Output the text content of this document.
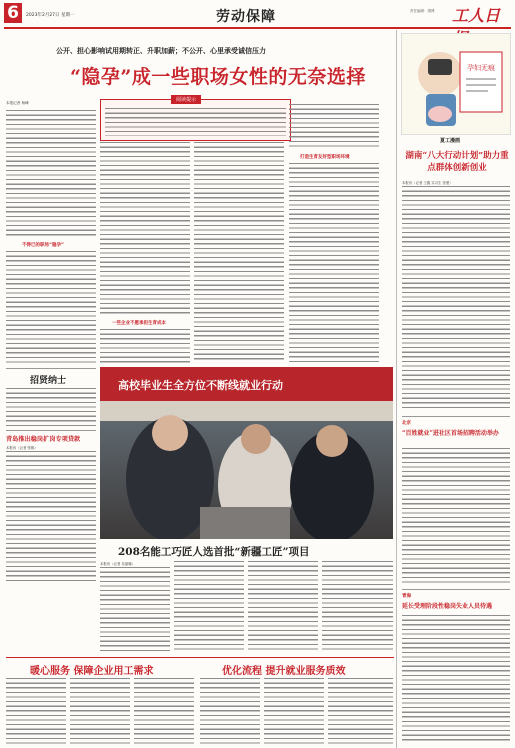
6	2023年2月27日 星期一	劳动保障	责任编辑：胡博 工人日
公开、担心影响试用期转正、升职加薪；不公开、心里承受诚信压力
“隐孕”成一些职场女性的无奈选择
本报记者 杨峰	阅读提示
孕妇无痕
夏工漫画
不得已的职场“隐孕”
一些企业不愿承担生育成本
打造生育友好型职场环境	湖南“八大行动计划”助力重点群体创新创业
本报讯（记者 王鑫 实习生 张蕾）
北京
“百姓就业”进社区首场招聘活动举办
青海
延长受理阶段性稳岗失业人员待遇
招贤纳士
青岛推出稳岗扩岗专项贷款
本报讯（记者 张嫣）
高校毕业生全方位不断线就业行动
208名能工巧匠人选首批“新疆工匠”项目
本报讯（记者 吴丽娜）
暖心服务 保障企业用工需求	优化流程 提升就业服务质效
